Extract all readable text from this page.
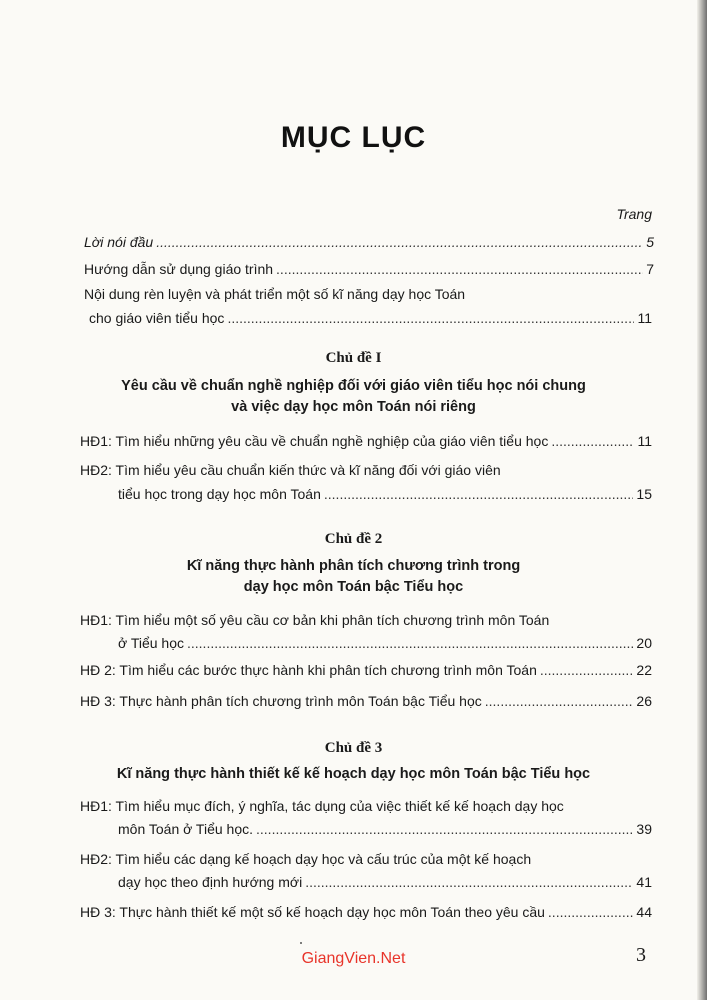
MỤC LỤC
Trang
Lời nói đầu .....	5
Hướng dẫn sử dụng giáo trình .....	7
Nội dung rèn luyện và phát triển một số kĩ năng dạy học Toán
cho giáo viên tiểu học .....	11
Chủ đề I
Yêu cầu về chuẩn nghề nghiệp đối với giáo viên tiểu học nói chung
và việc dạy học môn Toán nói riêng
HĐ1: Tìm hiểu những yêu cầu về chuẩn nghề nghiệp của giáo viên tiểu học .....	11
HĐ2: Tìm hiểu yêu cầu chuẩn kiến thức và kĩ năng đối với giáo viên
tiểu học trong dạy học môn Toán .....	15
Chủ đề 2
Kĩ năng thực hành phân tích chương trình trong
dạy học môn Toán bậc Tiểu học
HĐ1: Tìm hiểu một số yêu cầu cơ bản khi phân tích chương trình môn Toán
ở Tiểu học .....	20
HĐ 2: Tìm hiểu các bước thực hành khi phân tích chương trình môn Toán .....	22
HĐ 3: Thực hành phân tích chương trình môn Toán bậc Tiểu học .....	26
Chủ đề 3
Kĩ năng thực hành thiết kế kế hoạch dạy học môn Toán bậc Tiểu học
HĐ1: Tìm hiểu mục đích, ý nghĩa, tác dụng của việc thiết kế kế hoạch dạy học
môn Toán ở Tiểu học. .....	39
HĐ2: Tìm hiểu các dạng kế hoạch dạy học và cấu trúc của một kế hoạch
dạy học theo định hướng mới .....	41
HĐ 3: Thực hành thiết kế một số kế hoạch dạy học môn Toán theo yêu cầu .....	44
GiangVien.Net	3
